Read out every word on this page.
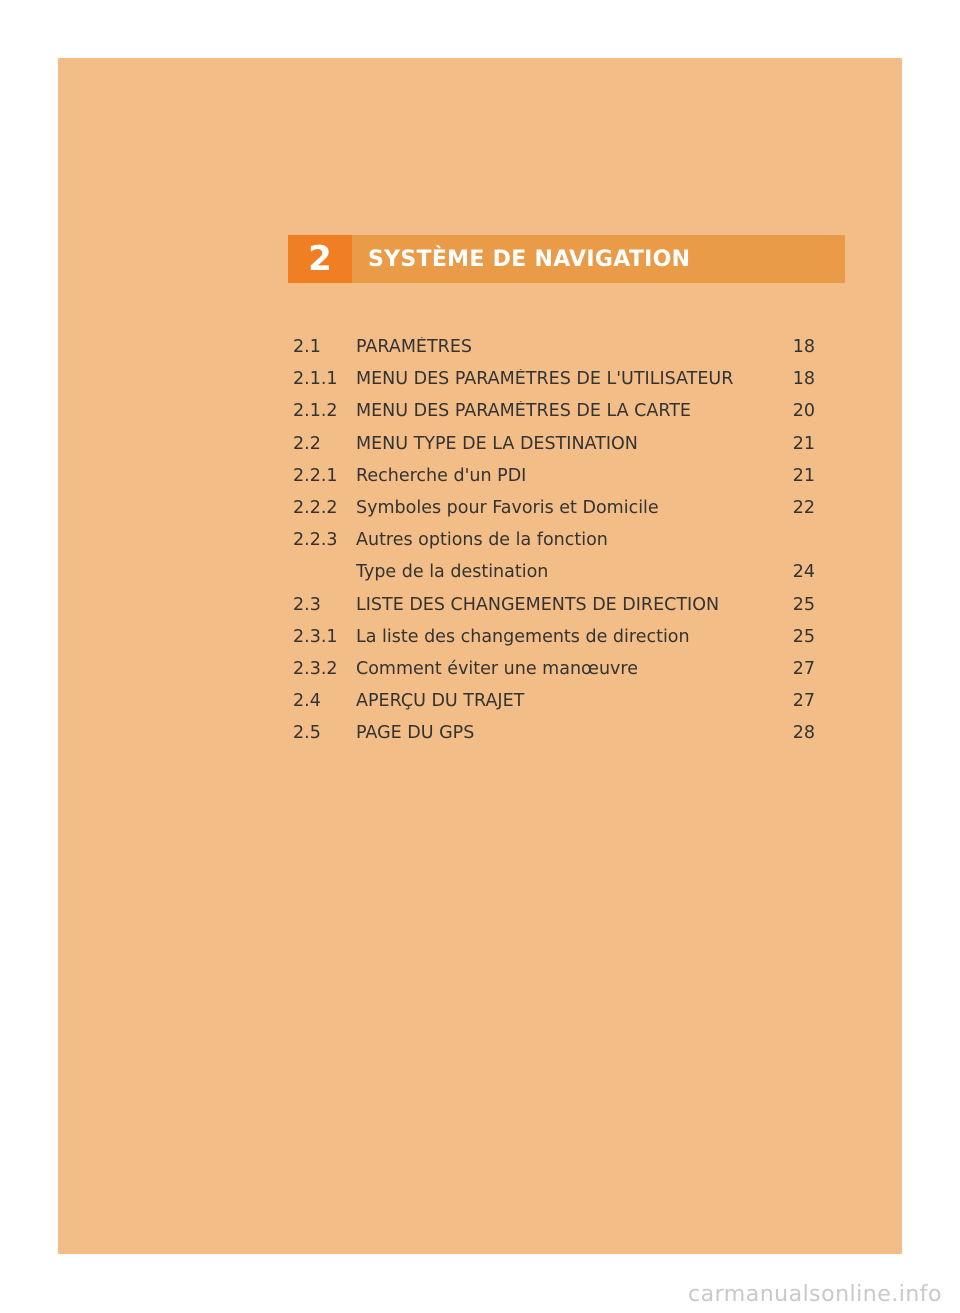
2	SYSTÈME DE NAVIGATION
2.1	PARAMÈTRES	18
2.1.1	MENU DES PARAMÈTRES DE L'UTILISATEUR	18
2.1.2	MENU DES PARAMÈTRES DE LA CARTE	20
2.2	MENU TYPE DE LA DESTINATION	21
2.2.1	Recherche d'un PDI	21
2.2.2	Symboles pour Favoris et Domicile	22
2.2.3	Autres options de la fonction
Type de la destination	24
2.3	LISTE DES CHANGEMENTS DE DIRECTION	25
2.3.1	La liste des changements de direction	25
2.3.2	Comment éviter une manœuvre	27
2.4	APERÇU DU TRAJET	27
2.5	PAGE DU GPS	28
carmanualsonline.info
